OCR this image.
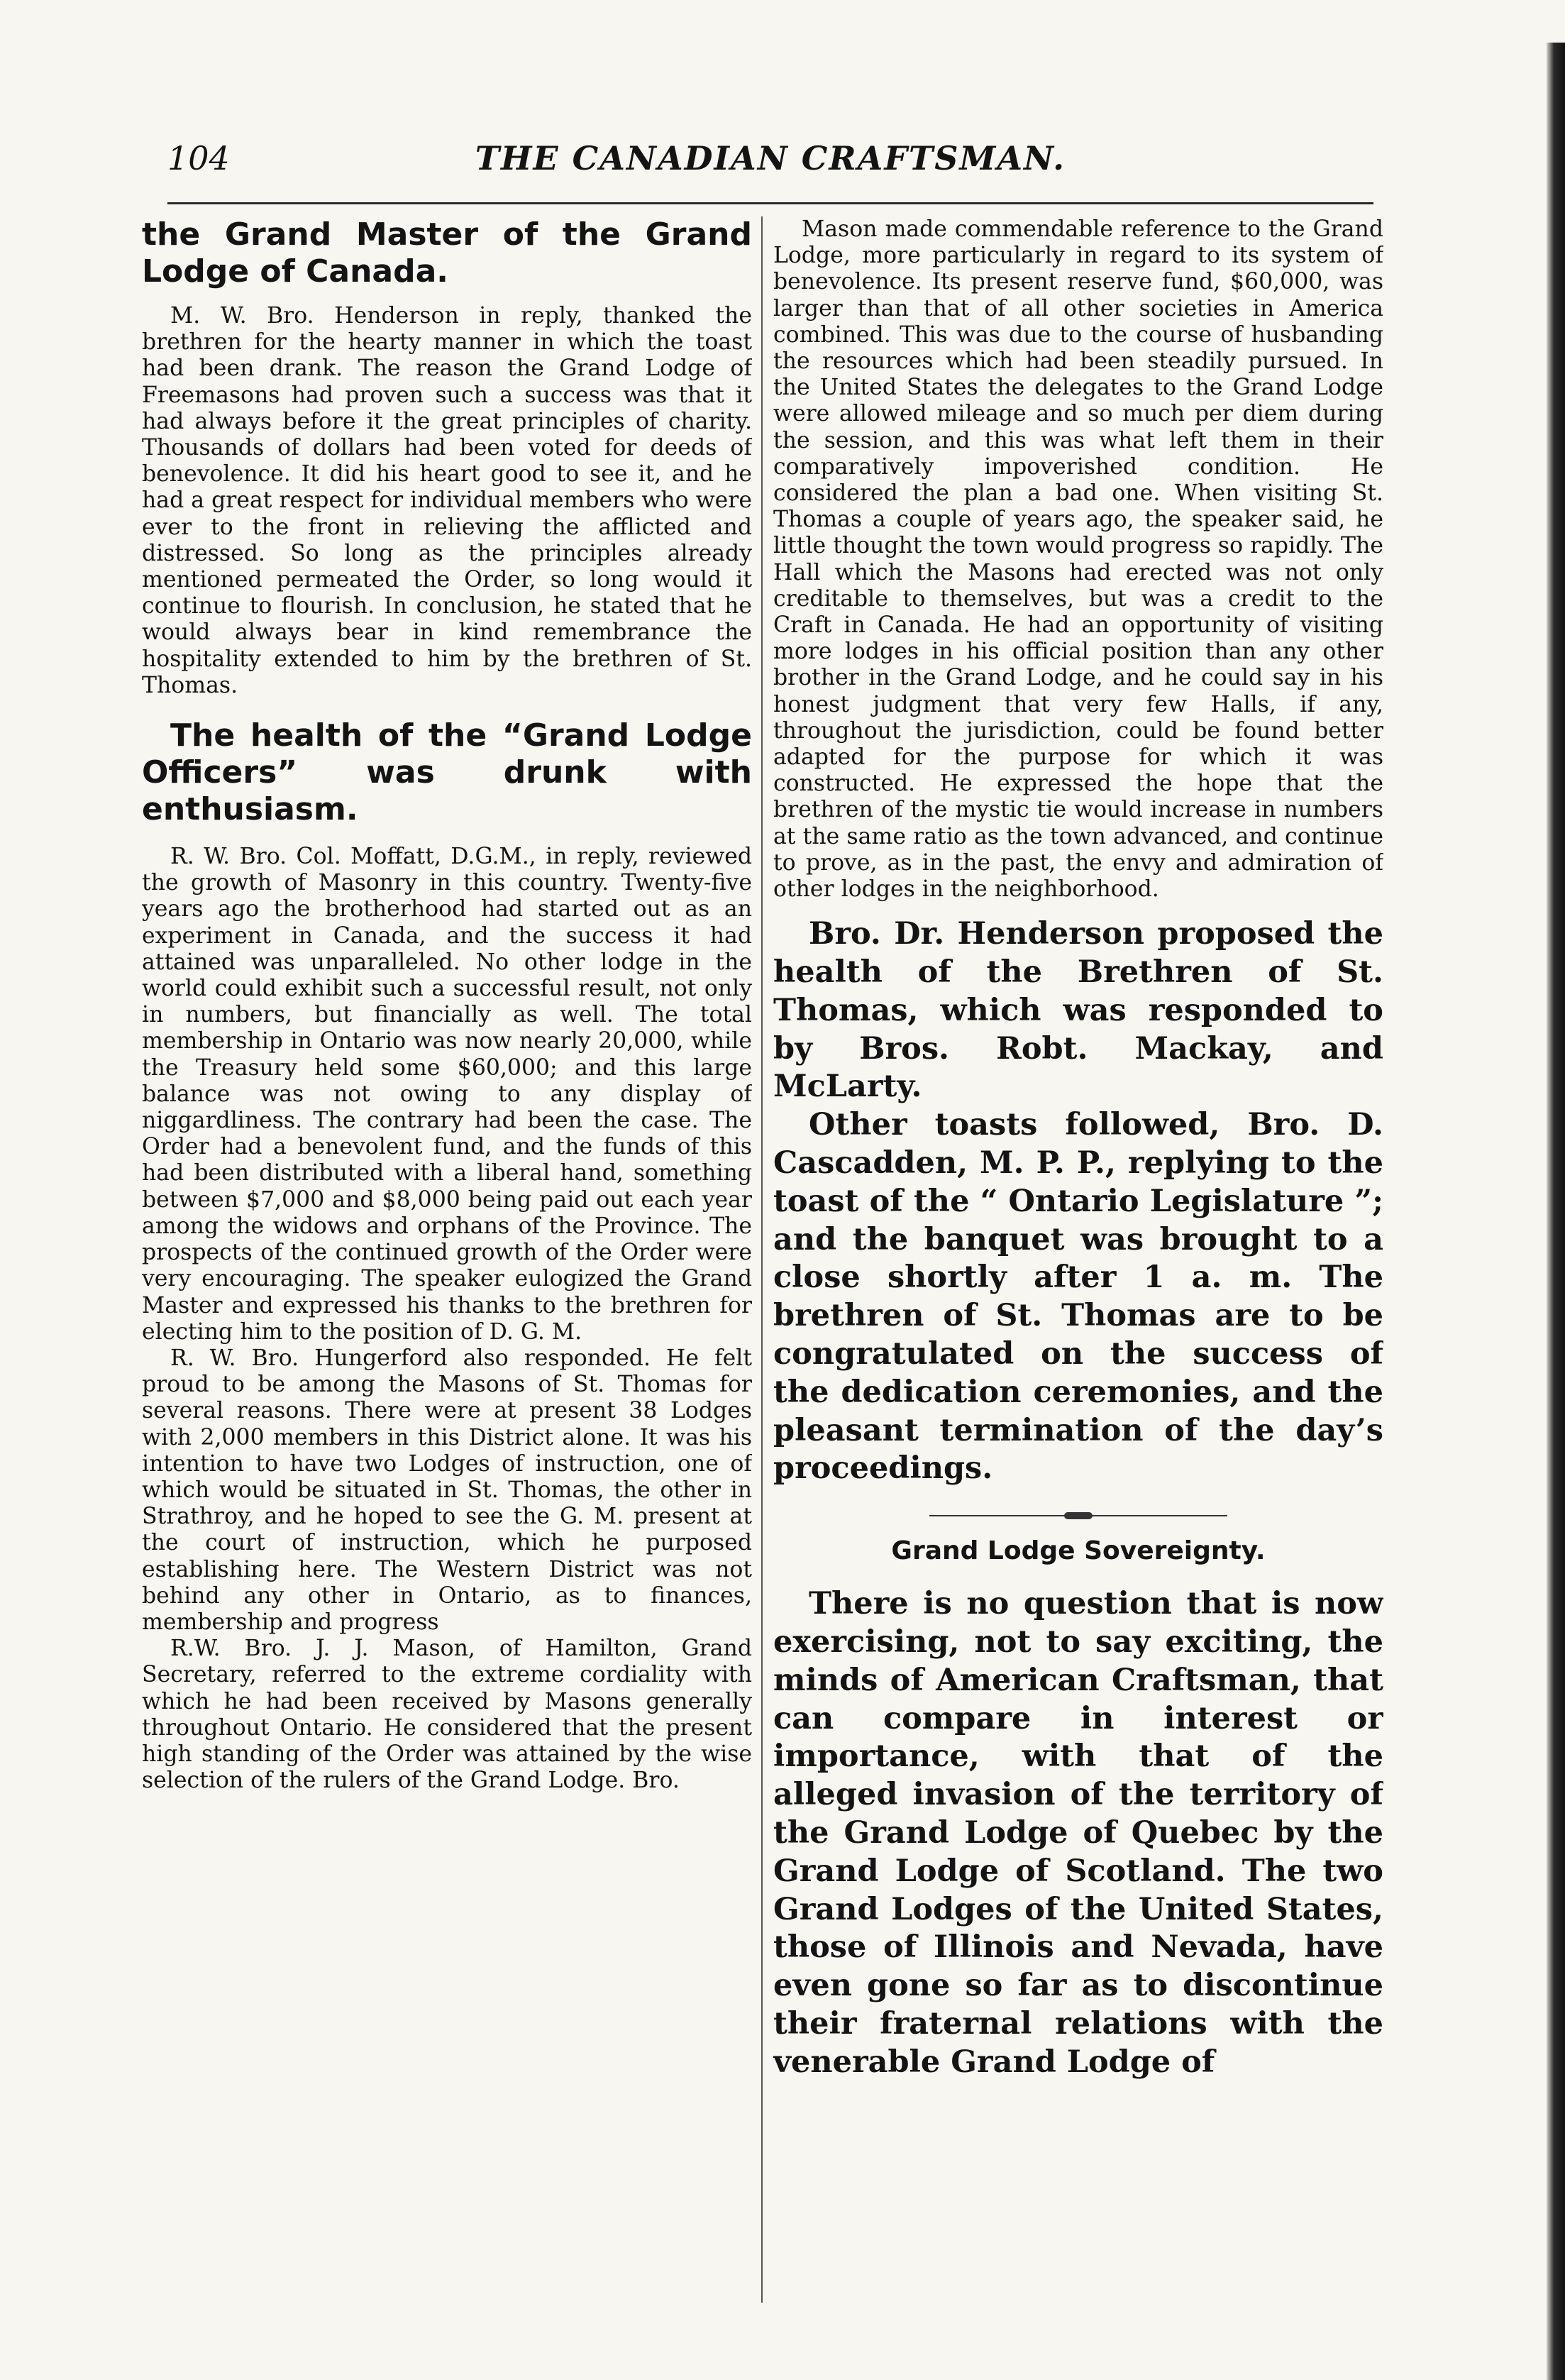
104	THE CANADIAN CRAFTSMAN.
the Grand Master of the Grand Lodge of Canada.

M. W. Bro. Henderson in reply, thanked the brethren for the hearty manner in which the toast had been drank. The reason the Grand Lodge of Freemasons had proven such a success was that it had always before it the great principles of charity. Thousands of dollars had been voted for deeds of benevolence. It did his heart good to see it, and he had a great respect for individual members who were ever to the front in relieving the afflicted and distressed. So long as the principles already mentioned permeated the Order, so long would it continue to flourish. In conclusion, he stated that he would always bear in kind remembrance the hospitality extended to him by the brethren of St. Thomas.

The health of the “Grand Lodge Officers” was drunk with enthusiasm.

R. W. Bro. Col. Moffatt, D.G.M., in reply, reviewed the growth of Masonry in this country. Twenty-five years ago the brotherhood had started out as an experiment in Canada, and the success it had attained was unparalleled. No other lodge in the world could exhibit such a successful result, not only in numbers, but financially as well. The total membership in Ontario was now nearly 20,000, while the Treasury held some $60,000; and this large balance was not owing to any display of niggardliness. The contrary had been the case. The Order had a benevolent fund, and the funds of this had been distributed with a liberal hand, something between $7,000 and $8,000 being paid out each year among the widows and orphans of the Province. The prospects of the continued growth of the Order were very encouraging. The speaker eulogized the Grand Master and expressed his thanks to the brethren for electing him to the position of D. G. M.

R. W. Bro. Hungerford also responded. He felt proud to be among the Masons of St. Thomas for several reasons. There were at present 38 Lodges with 2,000 members in this District alone. It was his intention to have two Lodges of instruction, one of which would be situated in St. Thomas, the other in Strathroy, and he hoped to see the G. M. present at the court of instruction, which he purposed establishing here. The Western District was not behind any other in Ontario, as to finances, membership and progress

R.W. Bro. J. J. Mason, of Hamilton, Grand Secretary, referred to the extreme cordiality with which he had been received by Masons generally throughout Ontario. He considered that the present high standing of the Order was attained by the wise selection of the rulers of the Grand Lodge. Bro.

Mason made commendable reference to the Grand Lodge, more particularly in regard to its system of benevolence. Its present reserve fund, $60,000, was larger than that of all other societies in America combined. This was due to the course of husbanding the resources which had been steadily pursued. In the United States the delegates to the Grand Lodge were allowed mileage and so much per diem during the session, and this was what left them in their comparatively impoverished condition. He considered the plan a bad one. When visiting St. Thomas a couple of years ago, the speaker said, he little thought the town would progress so rapidly. The Hall which the Masons had erected was not only creditable to themselves, but was a credit to the Craft in Canada. He had an opportunity of visiting more lodges in his official position than any other brother in the Grand Lodge, and he could say in his honest judgment that very few Halls, if any, throughout the jurisdiction, could be found better adapted for the purpose for which it was constructed. He expressed the hope that the brethren of the mystic tie would increase in numbers at the same ratio as the town advanced, and continue to prove, as in the past, the envy and admiration of other lodges in the neighborhood.

Bro. Dr. Henderson proposed the health of the Brethren of St. Thomas, which was responded to by Bros. Robt. Mackay, and McLarty.

Other toasts followed, Bro. D. Cascadden, M. P. P., replying to the toast of the “ Ontario Legislature ”; and the banquet was brought to a close shortly after 1 a. m. The brethren of St. Thomas are to be congratulated on the success of the dedication ceremonies, and the pleasant termination of the day’s proceedings.

Grand Lodge Sovereignty.

There is no question that is now exercising, not to say exciting, the minds of American Craftsman, that can compare in interest or importance, with that of the alleged invasion of the territory of the Grand Lodge of Quebec by the Grand Lodge of Scotland. The two Grand Lodges of the United States, those of Illinois and Nevada, have even gone so far as to discontinue their fraternal relations with the venerable Grand Lodge of
